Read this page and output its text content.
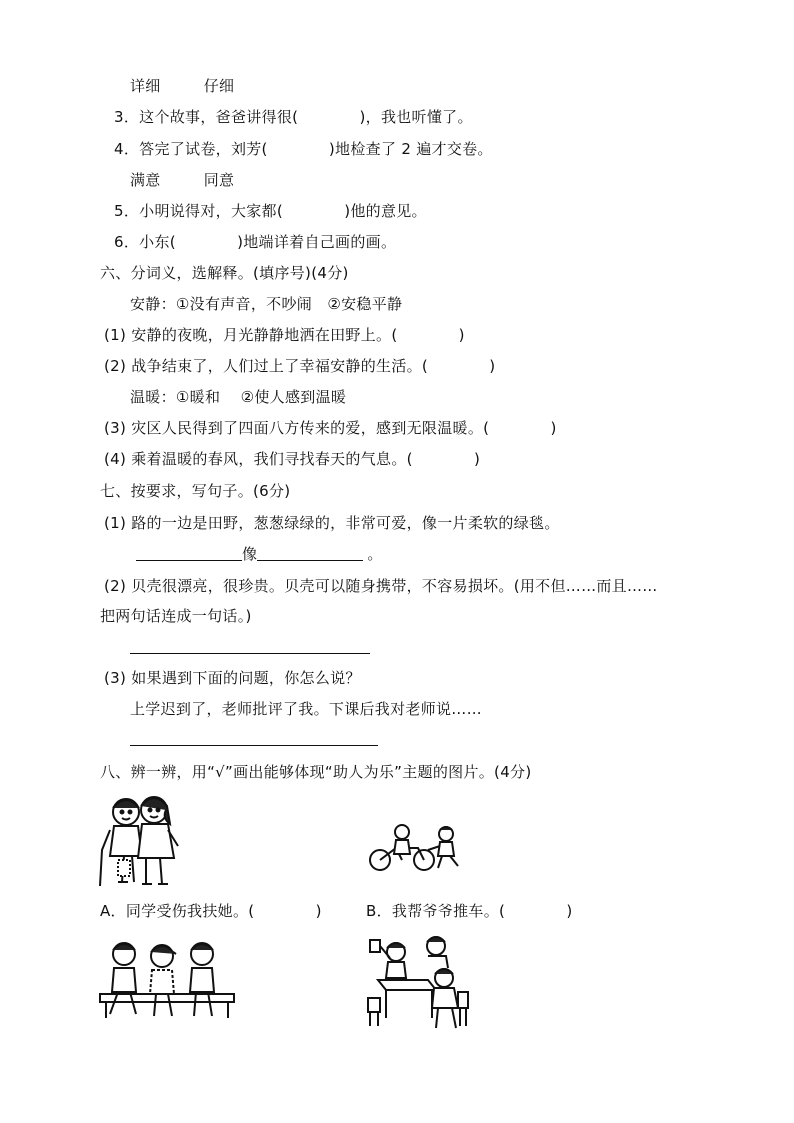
详细	仔细
3．这个故事，爸爸讲得很(　　　　)，我也听懂了。
4．答完了试卷，刘芳(　　　　)地检查了 2 遍才交卷。
满意	同意
5．小明说得对，大家都(　　　　)他的意见。
6．小东(　　　　)地端详着自己画的画。
六、分词义，选解释。(填序号)(4分)
安静：①没有声音，不吵闹　②安稳平静
(1) 安静的夜晚，月光静静地洒在田野上。(　　　　)
(2) 战争结束了，人们过上了幸福安静的生活。(　　　　)
温暖：①暖和　 ②使人感到温暖
(3) 灾区人民得到了四面八方传来的爱，感到无限温暖。(　　　　)
(4) 乘着温暖的春风，我们寻找春天的气息。(　　　　)
七、按要求，写句子。(6分)
(1) 路的一边是田野，葱葱绿绿的，非常可爱，像一片柔软的绿毯。
像	。
(2) 贝壳很漂亮，很珍贵。贝壳可以随身携带，不容易损坏。(用不但……而且……
把两句话连成一句话。)
(3) 如果遇到下面的问题，你怎么说？
上学迟到了，老师批评了我。下课后我对老师说……
八、辨一辨，用“√”画出能够体现“助人为乐”主题的图片。(4分)
A．同学受伤我扶她。(　　　　)	B．我帮爷爷推车。(　　　　)
